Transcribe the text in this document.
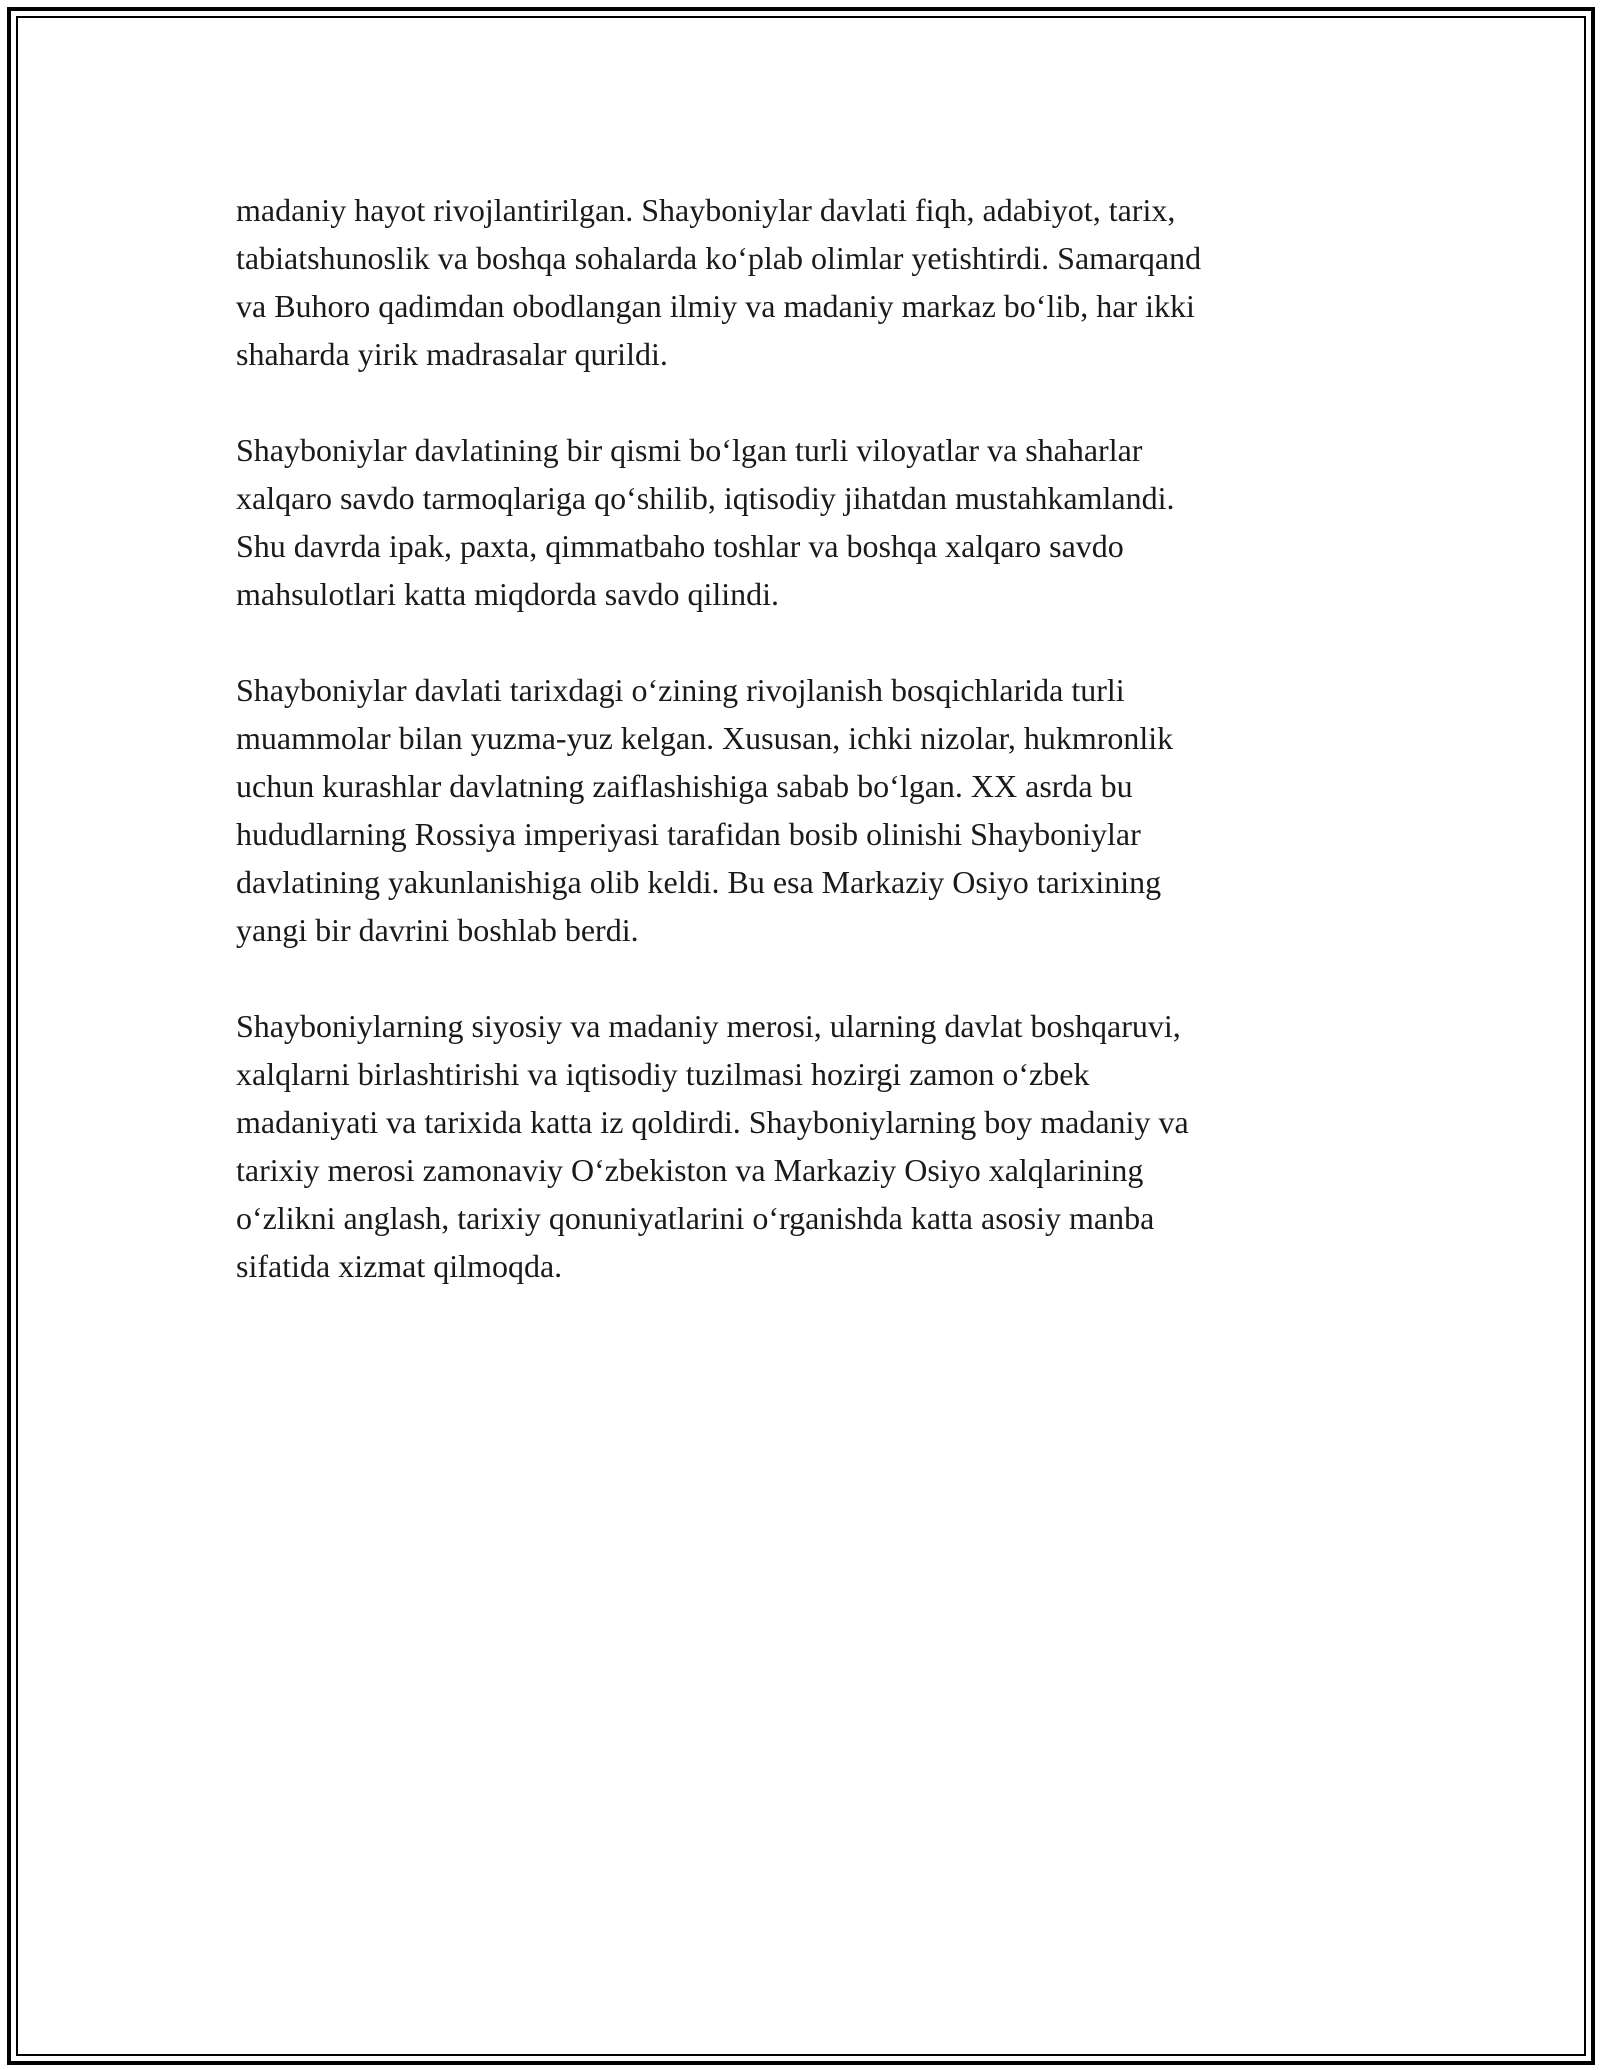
madaniy hayot rivojlantirilgan. Shayboniylar davlati fiqh, adabiyot, tarix,
tabiatshunoslik va boshqa sohalarda ko‘plab olimlar yetishtirdi. Samarqand
va Buhoro qadimdan obodlangan ilmiy va madaniy markaz bo‘lib, har ikki
shaharda yirik madrasalar qurildi.

Shayboniylar davlatining bir qismi bo‘lgan turli viloyatlar va shaharlar
xalqaro savdo tarmoqlariga qo‘shilib, iqtisodiy jihatdan mustahkamlandi.
Shu davrda ipak, paxta, qimmatbaho toshlar va boshqa xalqaro savdo
mahsulotlari katta miqdorda savdo qilindi.

Shayboniylar davlati tarixdagi o‘zining rivojlanish bosqichlarida turli
muammolar bilan yuzma-yuz kelgan. Xususan, ichki nizolar, hukmronlik
uchun kurashlar davlatning zaiflashishiga sabab bo‘lgan. XX asrda bu
hududlarning Rossiya imperiyasi tarafidan bosib olinishi Shayboniylar
davlatining yakunlanishiga olib keldi. Bu esa Markaziy Osiyo tarixining
yangi bir davrini boshlab berdi.

Shayboniylarning siyosiy va madaniy merosi, ularning davlat boshqaruvi,
xalqlarni birlashtirishi va iqtisodiy tuzilmasi hozirgi zamon o‘zbek
madaniyati va tarixida katta iz qoldirdi. Shayboniylarning boy madaniy va
tarixiy merosi zamonaviy O‘zbekiston va Markaziy Osiyo xalqlarining
o‘zlikni anglash, tarixiy qonuniyatlarini o‘rganishda katta asosiy manba
sifatida xizmat qilmoqda.
